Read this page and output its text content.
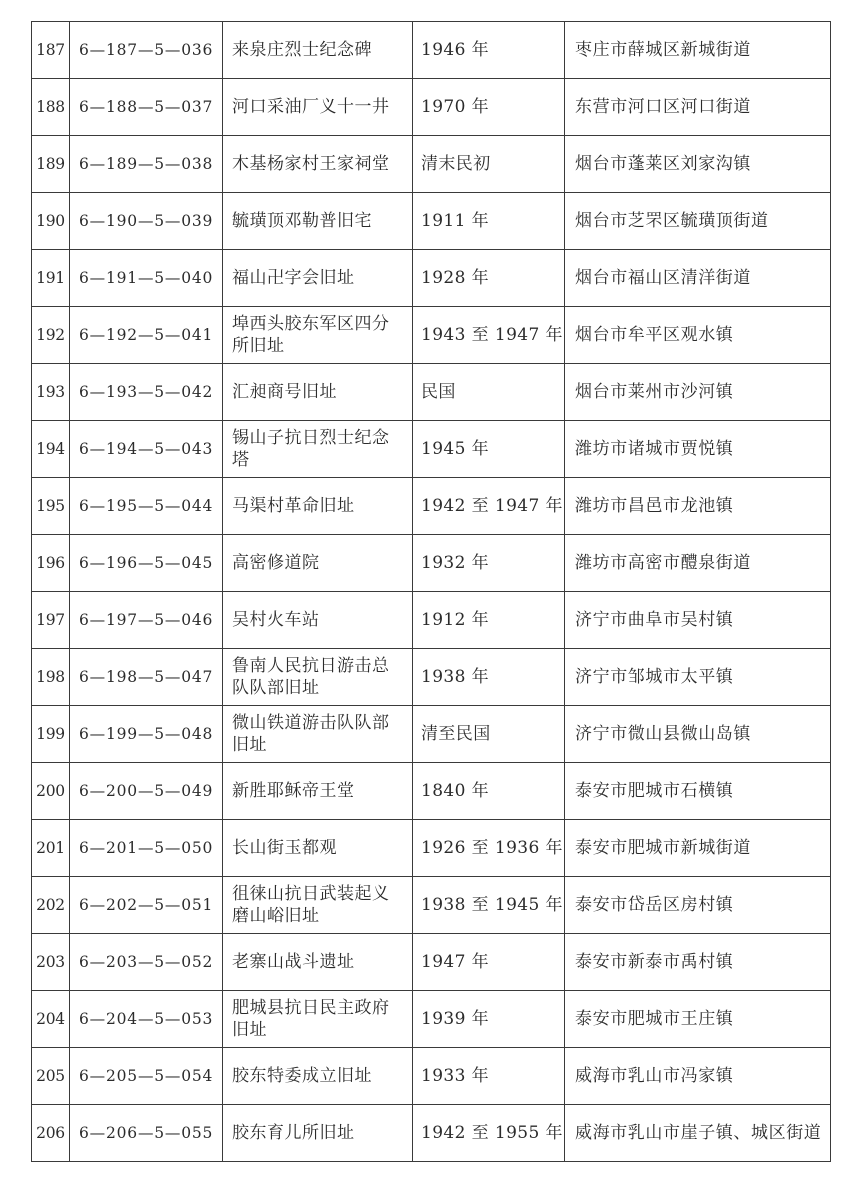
187	6—187—5—036	来泉庄烈士纪念碑	1946 年	枣庄市薛城区新城街道
188	6—188—5—037	河口采油厂义十一井	1970 年	东营市河口区河口街道
189	6—189—5—038	木基杨家村王家祠堂	清末民初	烟台市蓬莱区刘家沟镇
190	6—190—5—039	毓璜顶邓勒普旧宅	1911 年	烟台市芝罘区毓璜顶街道
191	6—191—5—040	福山卍字会旧址	1928 年	烟台市福山区清洋街道
192	6—192—5—041	埠西头胶东军区四分所旧址	1943 至 1947 年	烟台市牟平区观水镇
193	6—193—5—042	汇昶商号旧址	民国	烟台市莱州市沙河镇
194	6—194—5—043	锡山子抗日烈士纪念塔	1945 年	潍坊市诸城市贾悦镇
195	6—195—5—044	马渠村革命旧址	1942 至 1947 年	潍坊市昌邑市龙池镇
196	6—196—5—045	高密修道院	1932 年	潍坊市高密市醴泉街道
197	6—197—5—046	吴村火车站	1912 年	济宁市曲阜市吴村镇
198	6—198—5—047	鲁南人民抗日游击总队队部旧址	1938 年	济宁市邹城市太平镇
199	6—199—5—048	微山铁道游击队队部旧址	清至民国	济宁市微山县微山岛镇
200	6—200—5—049	新胜耶稣帝王堂	1840 年	泰安市肥城市石横镇
201	6—201—5—050	长山街玉都观	1926 至 1936 年	泰安市肥城市新城街道
202	6—202—5—051	徂徕山抗日武装起义磨山峪旧址	1938 至 1945 年	泰安市岱岳区房村镇
203	6—203—5—052	老寨山战斗遗址	1947 年	泰安市新泰市禹村镇
204	6—204—5—053	肥城县抗日民主政府旧址	1939 年	泰安市肥城市王庄镇
205	6—205—5—054	胶东特委成立旧址	1933 年	威海市乳山市冯家镇
206	6—206—5—055	胶东育儿所旧址	1942 至 1955 年	威海市乳山市崖子镇、城区街道
